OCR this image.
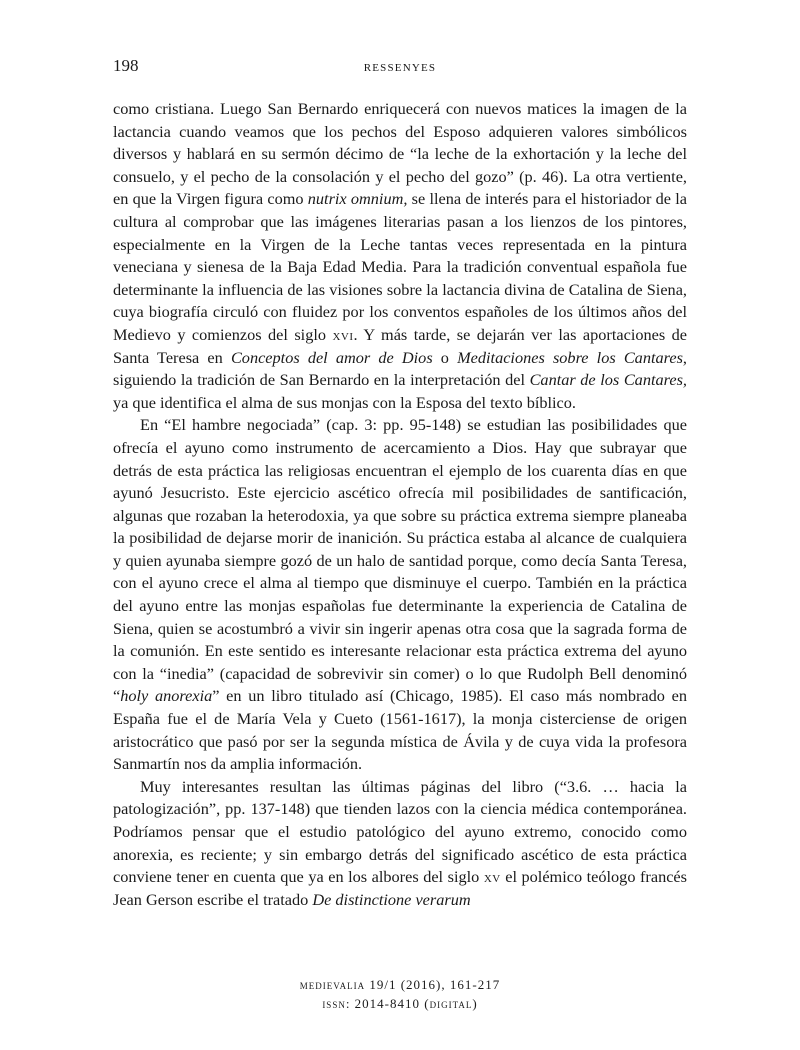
198	RESSENYES

como cristiana. Luego San Bernardo enriquecerá con nuevos matices la imagen de la lactancia cuando veamos que los pechos del Esposo adquieren valores simbólicos diversos y hablará en su sermón décimo de “la leche de la exhortación y la leche del consuelo, y el pecho de la consolación y el pecho del gozo” (p. 46). La otra vertiente, en que la Virgen figura como nutrix omnium, se llena de interés para el historiador de la cultura al comprobar que las imágenes literarias pasan a los lienzos de los pintores, especialmente en la Virgen de la Leche tantas veces representada en la pintura veneciana y sienesa de la Baja Edad Media. Para la tradición conventual española fue determinante la influencia de las visiones sobre la lactancia divina de Catalina de Siena, cuya biografía circuló con fluidez por los conventos españoles de los últimos años del Medievo y comienzos del siglo xvi. Y más tarde, se dejarán ver las aportaciones de Santa Teresa en Conceptos del amor de Dios o Meditaciones sobre los Cantares, siguiendo la tradición de San Bernardo en la interpretación del Cantar de los Cantares, ya que identifica el alma de sus monjas con la Esposa del texto bíblico.

En “El hambre negociada” (cap. 3: pp. 95-148) se estudian las posibilidades que ofrecía el ayuno como instrumento de acercamiento a Dios. Hay que subrayar que detrás de esta práctica las religiosas encuentran el ejemplo de los cuarenta días en que ayunó Jesucristo. Este ejercicio ascético ofrecía mil posibilidades de santificación, algunas que rozaban la heterodoxia, ya que sobre su práctica extrema siempre planeaba la posibilidad de dejarse morir de inanición. Su práctica estaba al alcance de cualquiera y quien ayunaba siempre gozó de un halo de santidad porque, como decía Santa Teresa, con el ayuno crece el alma al tiempo que disminuye el cuerpo. También en la práctica del ayuno entre las monjas españolas fue determinante la experiencia de Catalina de Siena, quien se acostumbró a vivir sin ingerir apenas otra cosa que la sagrada forma de la comunión. En este sentido es interesante relacionar esta práctica extrema del ayuno con la “inedia” (capacidad de sobrevivir sin comer) o lo que Rudolph Bell denominó “holy anorexia” en un libro titulado así (Chicago, 1985). El caso más nombrado en España fue el de María Vela y Cueto (1561-1617), la monja cisterciense de origen aristocrático que pasó por ser la segunda mística de Ávila y de cuya vida la profesora Sanmartín nos da amplia información.

Muy interesantes resultan las últimas páginas del libro (“3.6. … hacia la patologización”, pp. 137-148) que tienden lazos con la ciencia médica contemporánea. Podríamos pensar que el estudio patológico del ayuno extremo, conocido como anorexia, es reciente; y sin embargo detrás del significado ascético de esta práctica conviene tener en cuenta que ya en los albores del siglo xv el polémico teólogo francés Jean Gerson escribe el tratado De distinctione verarum

medievalia 19/1 (2016), 161-217
issn: 2014-8410 (digital)
